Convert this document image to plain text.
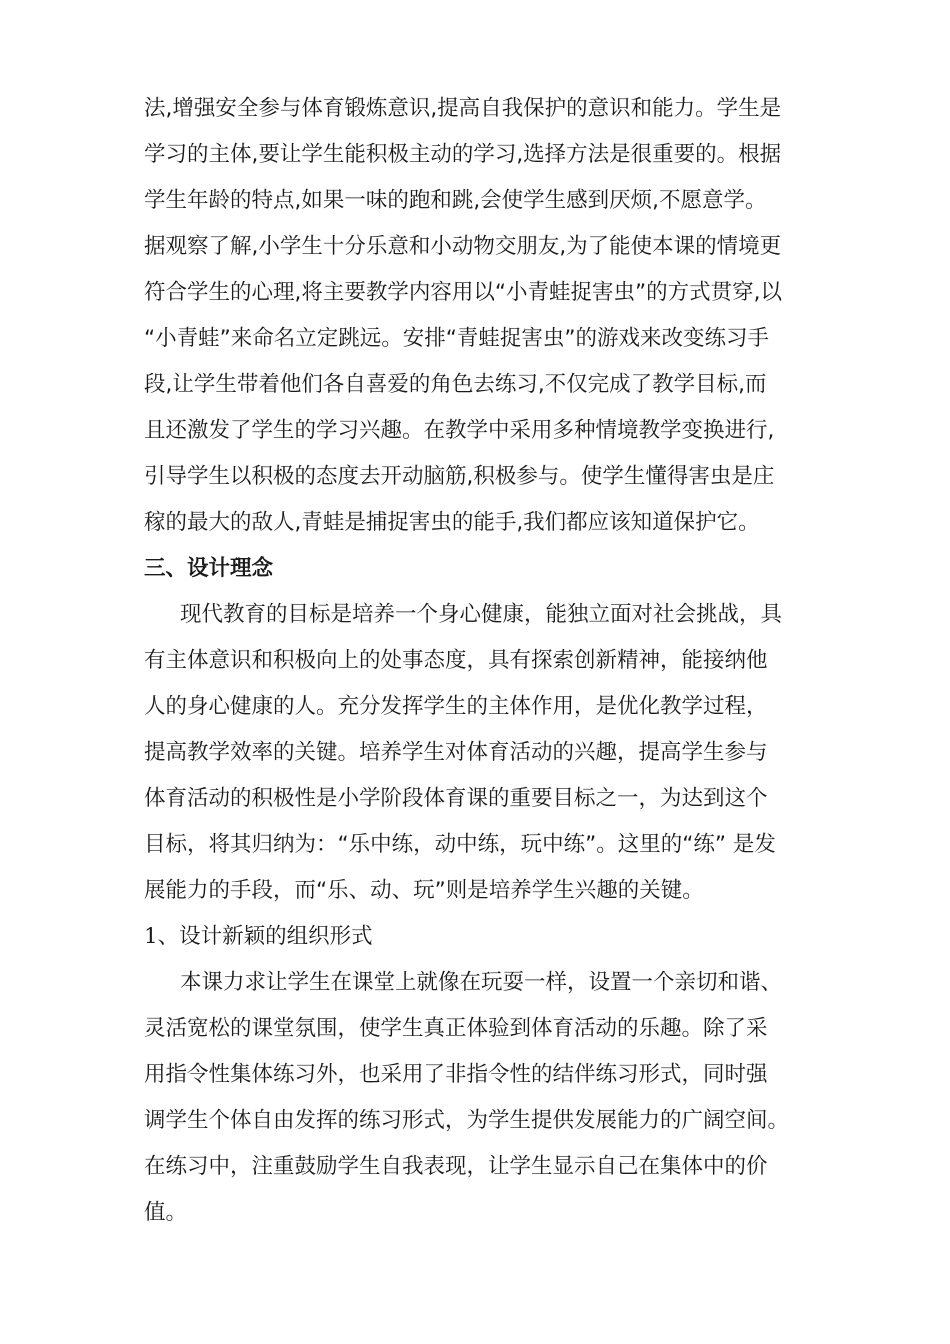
法,增强安全参与体育锻炼意识,提高自我保护的意识和能力。学生是
学习的主体,要让学生能积极主动的学习,选择方法是很重要的。根据
学生年龄的特点,如果一味的跑和跳,会使学生感到厌烦,不愿意学。
据观察了解,小学生十分乐意和小动物交朋友,为了能使本课的情境更
符合学生的心理,将主要教学内容用以“小青蛙捉害虫”的方式贯穿,以
“小青蛙”来命名立定跳远。安排“青蛙捉害虫”的游戏来改变练习手
段,让学生带着他们各自喜爱的角色去练习,不仅完成了教学目标,而
且还激发了学生的学习兴趣。在教学中采用多种情境教学变换进行,
引导学生以积极的态度去开动脑筋,积极参与。使学生懂得害虫是庄
稼的最大的敌人,青蛙是捕捉害虫的能手,我们都应该知道保护它。

三、设计理念

现代教育的目标是培养一个身心健康，能独立面对社会挑战，具
有主体意识和积极向上的处事态度，具有探索创新精神，能接纳他
人的身心健康的人。充分发挥学生的主体作用，是优化教学过程，
提高教学效率的关键。培养学生对体育活动的兴趣，提高学生参与
体育活动的积极性是小学阶段体育课的重要目标之一，为达到这个
目标，将其归纳为：“乐中练，动中练，玩中练”。这里的“练” 是发
展能力的手段，而“乐、动、玩”则是培养学生兴趣的关键。

1、设计新颖的组织形式

本课力求让学生在课堂上就像在玩耍一样，设置一个亲切和谐、
灵活宽松的课堂氛围，使学生真正体验到体育活动的乐趣。除了采
用指令性集体练习外，也采用了非指令性的结伴练习形式，同时强
调学生个体自由发挥的练习形式，为学生提供发展能力的广阔空间。
在练习中，注重鼓励学生自我表现，让学生显示自己在集体中的价
值。
